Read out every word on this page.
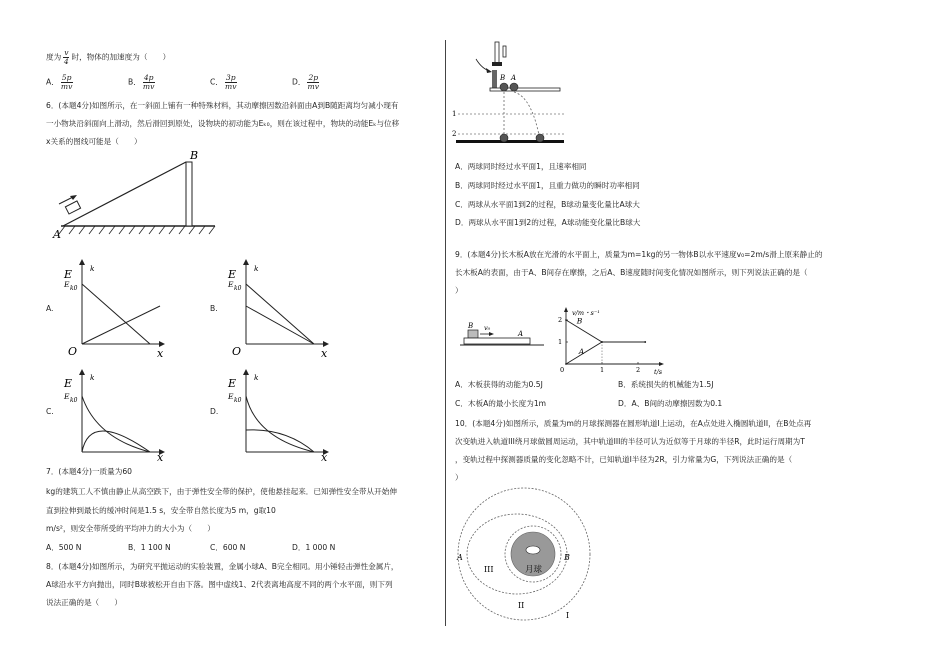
度为 $\frac{v}{4}$ 时，物体的加速度为（　　）
A． $\frac{5p}{mv}$	B． $\frac{4p}{mv}$	C． $\frac{3p}{mv}$	D． $\frac{2p}{mv}$
6．(本题4分)如图所示，在一斜面上铺有一种特殊材料，其动摩擦因数沿斜面由A到B随距离均匀减小现有
一小物块沿斜面向上滑动，然后滑回到原处，设物块的初动能为Eₖ₀，则在该过程中，物块的动能Eₖ与位移
x关系的图线可能是（　　）
A
B
A.
E k
E k0
O	x
B.
E k
E k0
O	x
C.
E k
E k0
x
D.
E k
E k0
x
7．(本题4分)一质量为60
kg的建筑工人不慎由静止从高空跌下，由于弹性安全带的保护，使他悬挂起来．已知弹性安全带从开始伸
直到拉伸到最长的缓冲时间是1.5 s，安全带自然长度为5 m，g取10
m/s²，则安全带所受的平均冲力的大小为（　　）
A．500 N	B．1 100 N	C．600 N	D．1 000 N
8．(本题4分)如图所示，为研究平抛运动的实验装置，金属小球A、B完全相同。用小锤轻击弹性金属片，
A球沿水平方向抛出，同时B球被松开自由下落。图中虚线1、2代表离地高度不同的两个水平面，则下列
说法正确的是（　　）
B A
1
2
A．两球同时经过水平面1，且速率相同
B．两球同时经过水平面1，且重力做功的瞬时功率相同
C．两球从水平面1到2的过程，B球动量变化量比A球大
D．两球从水平面1到2的过程，A球动能变化量比B球大
9．(本题4分)长木板A放在光滑的水平面上，质量为m=1kg的另一物体B以水平速度v₀=2m/s滑上原来静止的
长木板A的表面，由于A、B间存在摩擦，之后A、B速度随时间变化情况如图所示，则下列说法正确的是（
）
B v₀
A
v/m・s⁻¹
t/s
0	1	2
1
2 B
A
A．木板获得的动能为0.5J	B．系统损失的机械能为1.5J
C．木板A的最小长度为1m	D．A、B间的动摩擦因数为0.1
10．(本题4分)如图所示，质量为m的月球探测器在圆形轨道I上运动，在A点处进入椭圆轨道II，在B处点再
次变轨进入轨道III绕月球做圆周运动，其中轨道III的半径可认为近似等于月球的半径R，此时运行周期为T
，变轨过程中探测器质量的变化忽略不计，已知轨道I半径为2R，引力常量为G，下列说法正确的是（
）
月球
A	B
III
II
I
